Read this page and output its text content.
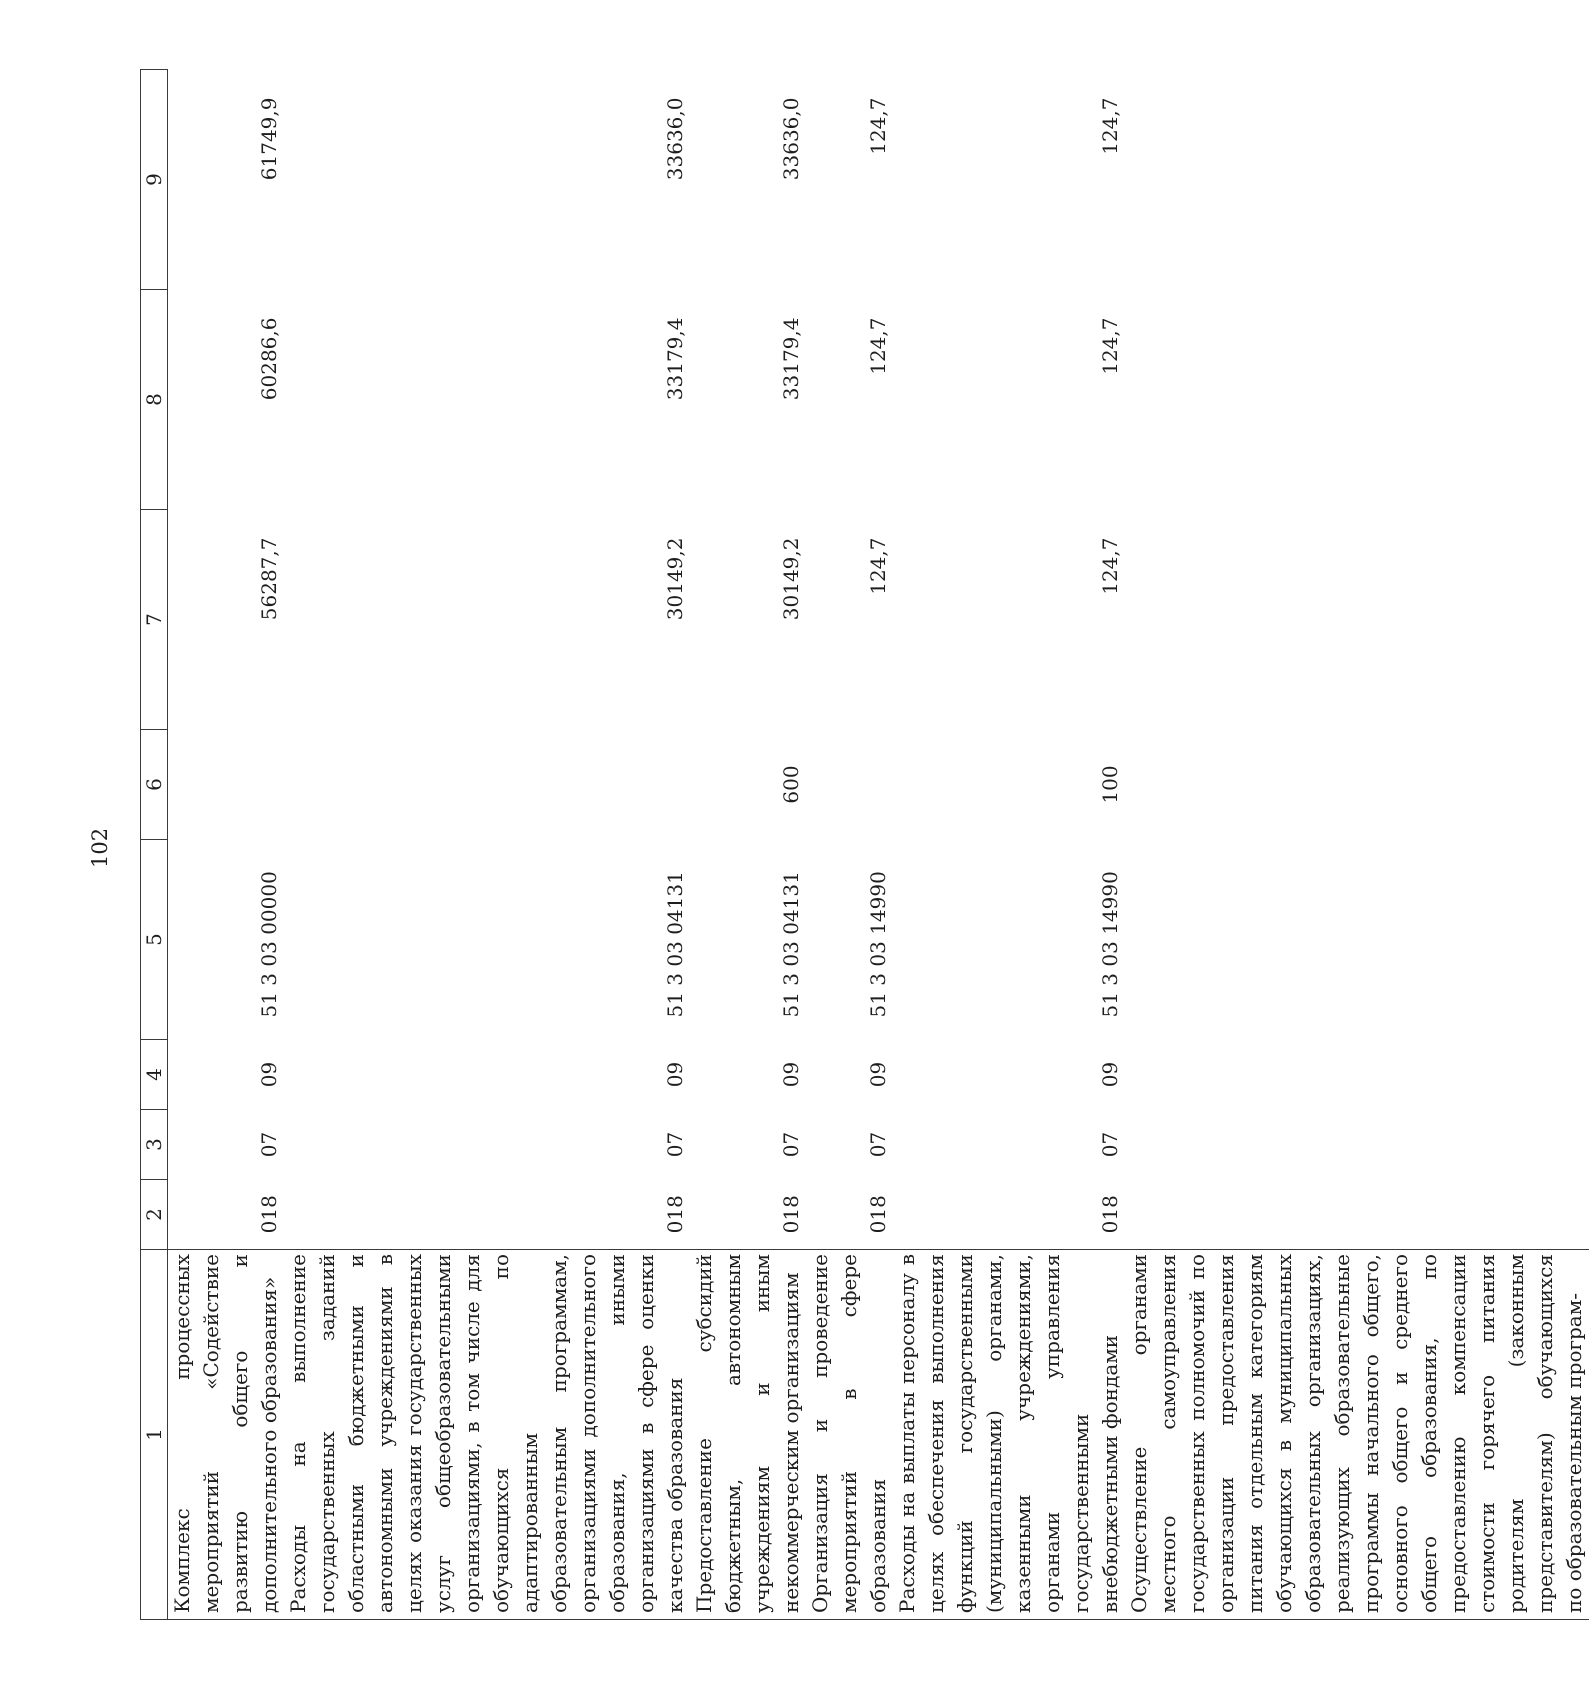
102
1	2	3	4	5	6	7	8	9
Комплекс процессных мероприятий «Содействие развитию общего и дополнительного образования»	018	07	09	51 3 03 00000		56287,7	60286,6	61749,9
Расходы на выполнение государственных заданий областными бюджетными и автономными учреждениями в целях оказания государственных услуг общеобразовательными организациями, в том числе для обучающихся по адаптированным образовательным программам, организациями дополнительного образования, иными организациями в сфере оценки качества образования	018	07	09	51 3 03 04131		30149,2	33179,4	33636,0
Предоставление субсидий бюджетным, автономным учреждениям и иным некоммерческим организациям	018	07	09	51 3 03 04131	600	30149,2	33179,4	33636,0
Организация и проведение мероприятий в сфере образования	018	07	09	51 3 03 14990		124,7	124,7	124,7
Расходы на выплаты персоналу в целях обеспечения выполнения функций государственными (муниципальными) органами, казенными учреждениями, органами управления государственными внебюджетными фондами	018	07	09	51 3 03 14990	100	124,7	124,7	124,7
Осуществление органами местного самоуправления государственных полномочий по организации предоставления питания отдельным категориям обучающихся в муниципальных образовательных организациях, реализующих образовательные программы начального общего, основного общего и среднего общего образования, по предоставлению компенсации стоимости горячего питания родителям (законным представителям) обучающихся по образовательным програм-								
